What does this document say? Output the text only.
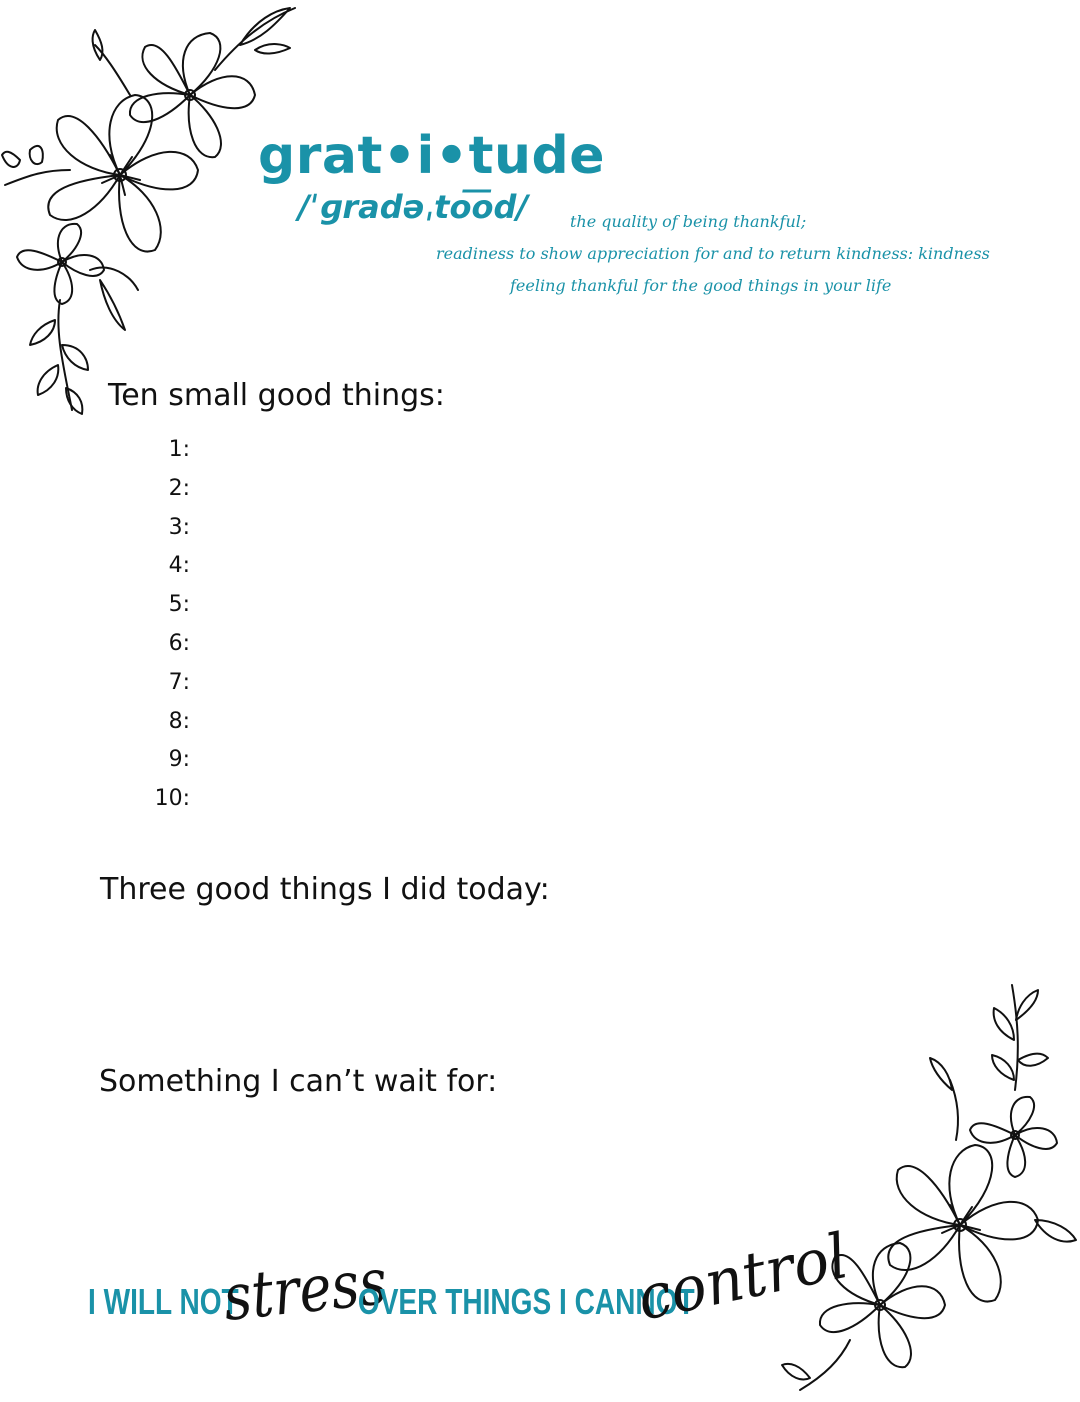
grat•i•tude
/ˈɡradəˌto͞od/	the quality of being thankful;
readiness to show appreciation for and to return kindness: kindness
feeling thankful for the good things in your life
Ten small good things:
1:
2:
3:
4:
5:
6:
7:
8:
9:
10:
Three good things I did today:
Something I can’t wait for:
I WILL NOT
stress
OVER THINGS I CANNOT
control
